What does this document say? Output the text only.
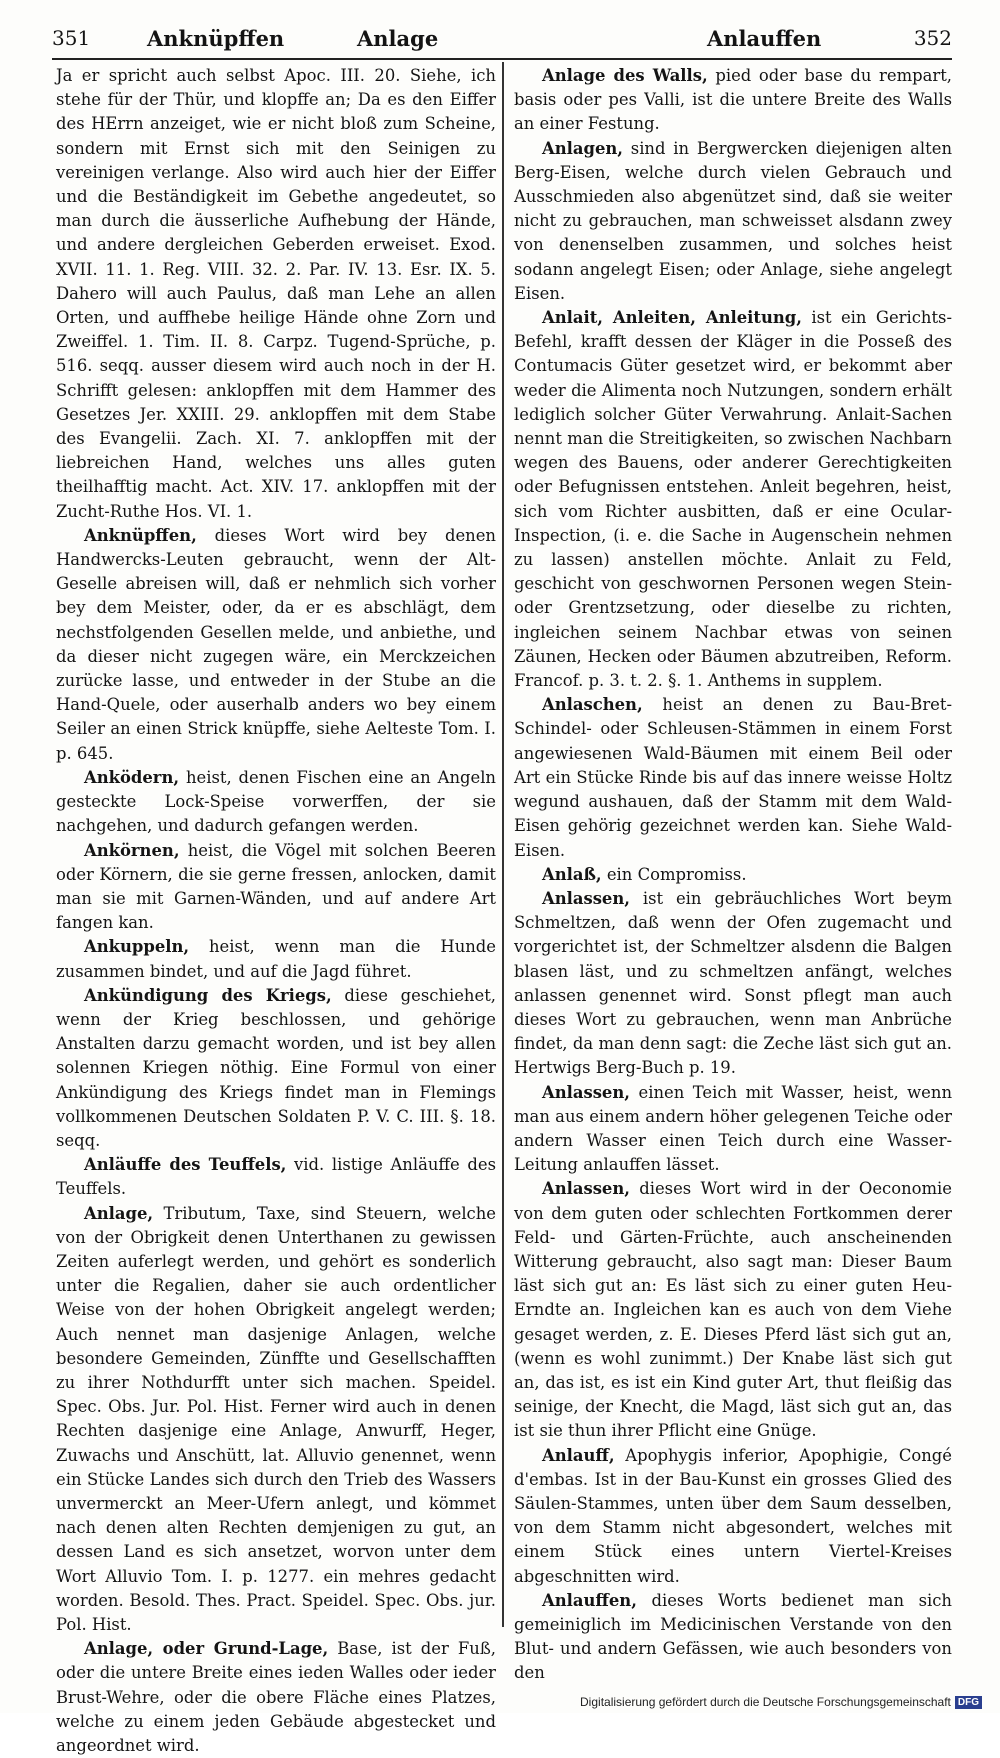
351	Anknüpffen	Anlage	Anlauffen	352

Ja er spricht auch selbst Apoc. III. 20. Siehe, ich stehe für der Thür, und klopffe an; Da es den Eiffer des HErrn anzeiget, wie er nicht bloß zum Scheine, sondern mit Ernst sich mit den Seinigen zu vereinigen verlange. Also wird auch hier der Eiffer und die Beständigkeit im Gebethe angedeutet, so man durch die äusserliche Aufhebung der Hände, und andere dergleichen Geberden erweiset. Exod. XVII. 11. 1. Reg. VIII. 32. 2. Par. IV. 13. Esr. IX. 5. Dahero will auch Paulus, daß man Lehe an allen Orten, und auffhebe heilige Hände ohne Zorn und Zweiffel. 1. Tim. II. 8. Carpz. Tugend-Sprüche, p. 516. seqq. ausser diesem wird auch noch in der H. Schrifft gelesen: anklopffen mit dem Hammer des Gesetzes Jer. XXIII. 29. anklopffen mit dem Stabe des Evangelii. Zach. XI. 7. anklopffen mit der liebreichen Hand, welches uns alles guten theilhafftig macht. Act. XIV. 17. anklopffen mit der Zucht-Ruthe Hos. VI. 1.

Anknüpffen, dieses Wort wird bey denen Handwercks-Leuten gebraucht, wenn der Alt-Geselle abreisen will, daß er nehmlich sich vorher bey dem Meister, oder, da er es abschlägt, dem nechstfolgenden Gesellen melde, und anbiethe, und da dieser nicht zugegen wäre, ein Merckzeichen zurücke lasse, und entweder in der Stube an die Hand-Quele, oder auserhalb anders wo bey einem Seiler an einen Strick knüpffe, siehe Aelteste Tom. I. p. 645.

Anködern, heist, denen Fischen eine an Angeln gesteckte Lock-Speise vorwerffen, der sie nachgehen, und dadurch gefangen werden.

Ankörnen, heist, die Vögel mit solchen Beeren oder Körnern, die sie gerne fressen, anlocken, damit man sie mit Garnen-Wänden, und auf andere Art fangen kan.

Ankuppeln, heist, wenn man die Hunde zusammen bindet, und auf die Jagd führet.

Ankündigung des Kriegs, diese geschiehet, wenn der Krieg beschlossen, und gehörige Anstalten darzu gemacht worden, und ist bey allen solennen Kriegen nöthig. Eine Formul von einer Ankündigung des Kriegs findet man in Flemings vollkommenen Deutschen Soldaten P. V. C. III. §. 18. seqq.

Anläuffe des Teuffels, vid. listige Anläuffe des Teuffels.

Anlage, Tributum, Taxe, sind Steuern, welche von der Obrigkeit denen Unterthanen zu gewissen Zeiten auferlegt werden, und gehört es sonderlich unter die Regalien, daher sie auch ordentlicher Weise von der hohen Obrigkeit angelegt werden; Auch nennet man dasjenige Anlagen, welche besondere Gemeinden, Zünffte und Gesellschafften zu ihrer Nothdurfft unter sich machen. Speidel. Spec. Obs. Jur. Pol. Hist. Ferner wird auch in denen Rechten dasjenige eine Anlage, Anwurff, Heger, Zuwachs und Anschütt, lat. Alluvio genennet, wenn ein Stücke Landes sich durch den Trieb des Wassers unvermerckt an Meer-Ufern anlegt, und kömmet nach denen alten Rechten demjenigen zu gut, an dessen Land es sich ansetzet, worvon unter dem Wort Alluvio Tom. I. p. 1277. ein mehres gedacht worden. Besold. Thes. Pract. Speidel. Spec. Obs. jur. Pol. Hist.

Anlage, oder Grund-Lage, Base, ist der Fuß, oder die untere Breite eines ieden Walles oder ieder Brust-Wehre, oder die obere Fläche eines Platzes, welche zu einem jeden Gebäude abgestecket und angeordnet wird.

Anlage des Walls, pied oder base du rempart, basis oder pes Valli, ist die untere Breite des Walls an einer Festung.

Anlagen, sind in Bergwercken diejenigen alten Berg-Eisen, welche durch vielen Gebrauch und Ausschmieden also abgenützet sind, daß sie weiter nicht zu gebrauchen, man schweisset alsdann zwey von denenselben zusammen, und solches heist sodann angelegt Eisen; oder Anlage, siehe angelegt Eisen.

Anlait, Anleiten, Anleitung, ist ein Gerichts-Befehl, krafft dessen der Kläger in die Posseß des Contumacis Güter gesetzet wird, er bekommt aber weder die Alimenta noch Nutzungen, sondern erhält lediglich solcher Güter Verwahrung. Anlait-Sachen nennt man die Streitigkeiten, so zwischen Nachbarn wegen des Bauens, oder anderer Gerechtigkeiten oder Befugnissen entstehen. Anleit begehren, heist, sich vom Richter ausbitten, daß er eine Ocular-Inspection, (i. e. die Sache in Augenschein nehmen zu lassen) anstellen möchte. Anlait zu Feld, geschicht von geschwornen Personen wegen Stein- oder Grentzsetzung, oder dieselbe zu richten, ingleichen seinem Nachbar etwas von seinen Zäunen, Hecken oder Bäumen abzutreiben, Reform. Francof. p. 3. t. 2. §. 1. Anthems in supplem.

Anlaschen, heist an denen zu Bau-Bret-Schindel- oder Schleusen-Stämmen in einem Forst angewiesenen Wald-Bäumen mit einem Beil oder Art ein Stücke Rinde bis auf das innere weisse Holtz wegund aushauen, daß der Stamm mit dem Wald-Eisen gehörig gezeichnet werden kan. Siehe Wald-Eisen.

Anlaß, ein Compromiss.

Anlassen, ist ein gebräuchliches Wort beym Schmeltzen, daß wenn der Ofen zugemacht und vorgerichtet ist, der Schmeltzer alsdenn die Balgen blasen läst, und zu schmeltzen anfängt, welches anlassen genennet wird. Sonst pflegt man auch dieses Wort zu gebrauchen, wenn man Anbrüche findet, da man denn sagt: die Zeche läst sich gut an. Hertwigs Berg-Buch p. 19.

Anlassen, einen Teich mit Wasser, heist, wenn man aus einem andern höher gelegenen Teiche oder andern Wasser einen Teich durch eine Wasser-Leitung anlauffen lässet.

Anlassen, dieses Wort wird in der Oeconomie von dem guten oder schlechten Fortkommen derer Feld- und Gärten-Früchte, auch anscheinenden Witterung gebraucht, also sagt man: Dieser Baum läst sich gut an: Es läst sich zu einer guten Heu-Erndte an. Ingleichen kan es auch von dem Viehe gesaget werden, z. E. Dieses Pferd läst sich gut an, (wenn es wohl zunimmt.) Der Knabe läst sich gut an, das ist, es ist ein Kind guter Art, thut fleißig das seinige, der Knecht, die Magd, läst sich gut an, das ist sie thun ihrer Pflicht eine Gnüge.

Anlauff, Apophygis inferior, Apophigie, Congé d'embas. Ist in der Bau-Kunst ein grosses Glied des Säulen-Stammes, unten über dem Saum desselben, von dem Stamm nicht abgesondert, welches mit einem Stück eines untern Viertel-Kreises abgeschnitten wird.

Anlauffen, dieses Worts bedienet man sich gemeiniglich im Medicinischen Verstande von den Blut- und andern Gefässen, wie auch besonders von den

Digitalisierung gefördert durch die Deutsche Forschungsgemeinschaft DFG
